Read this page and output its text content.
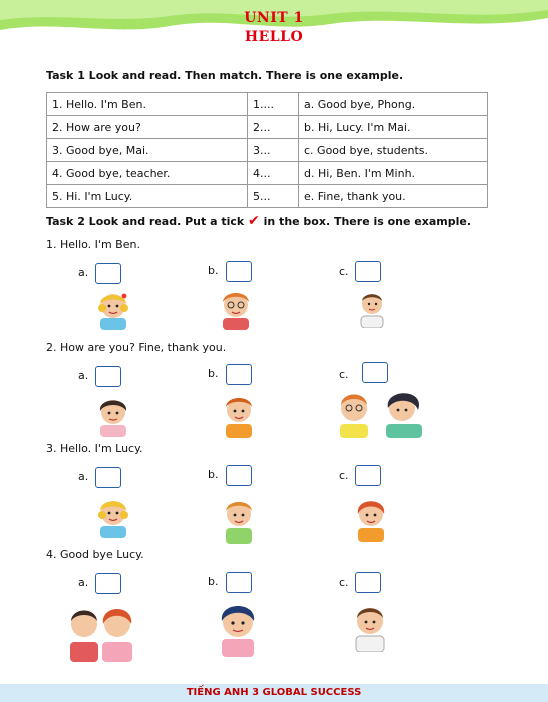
UNIT 1
HELLO
Task 1 Look and read. Then match. There is one example.
1. Hello. I'm Ben.	1....	a. Good bye, Phong.
2. How are you?	2...	b. Hi, Lucy. I'm Mai.
3. Good bye, Mai.	3...	c. Good bye, students.
4. Good bye, teacher.	4...	d. Hi, Ben. I'm Minh.
5. Hi. I'm Lucy.	5...	e. Fine, thank you.
Task 2 Look and read. Put a tick ✔ in the box. There is one example.
1. Hello. I'm Ben.
2. How are you? Fine, thank you.
3. Hello. I'm Lucy.
4. Good bye Lucy.
a.	b.	c.
a.	b.	c.
a.	b.	c.
a.	b.	c.
TIẾNG ANH 3 GLOBAL SUCCESS
